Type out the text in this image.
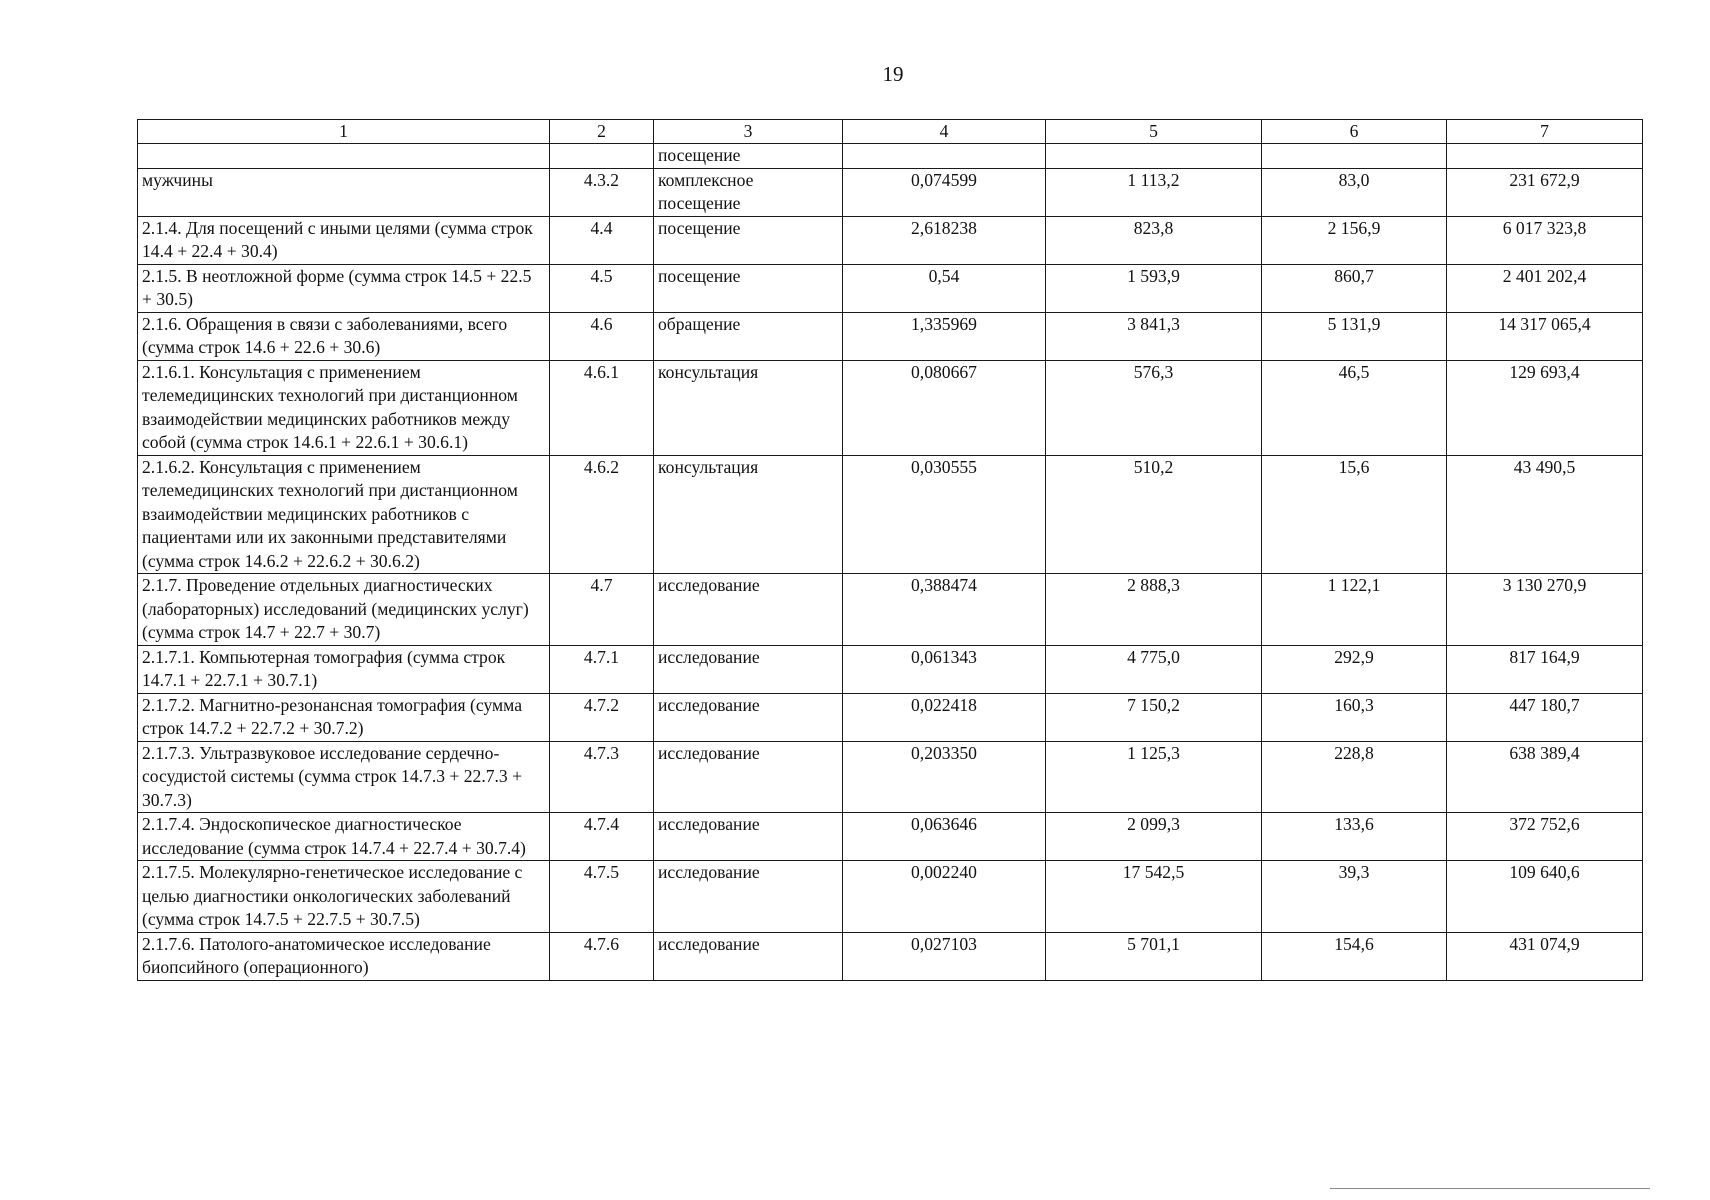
19
1	2	3	4	5	6	7
		посещение				
мужчины	4.3.2	комплексное посещение	0,074599	1 113,2	83,0	231 672,9
2.1.4. Для посещений с иными целями (сумма строк 14.4 + 22.4 + 30.4)	4.4	посещение	2,618238	823,8	2 156,9	6 017 323,8
2.1.5. В неотложной форме (сумма строк 14.5 + 22.5 + 30.5)	4.5	посещение	0,54	1 593,9	860,7	2 401 202,4
2.1.6. Обращения в связи с заболеваниями, всего (сумма строк 14.6 + 22.6 + 30.6)	4.6	обращение	1,335969	3 841,3	5 131,9	14 317 065,4
2.1.6.1. Консультация с применением телемедицинских технологий при дистанционном взаимодействии медицинских работников между собой (сумма строк 14.6.1 + 22.6.1 + 30.6.1)	4.6.1	консультация	0,080667	576,3	46,5	129 693,4
2.1.6.2. Консультация с применением телемедицинских технологий при дистанционном взаимодействии медицинских работников с пациентами или их законными представителями (сумма строк 14.6.2 + 22.6.2 + 30.6.2)	4.6.2	консультация	0,030555	510,2	15,6	43 490,5
2.1.7. Проведение отдельных диагностических (лабораторных) исследований (медицинских услуг) (сумма строк 14.7 + 22.7 + 30.7)	4.7	исследование	0,388474	2 888,3	1 122,1	3 130 270,9
2.1.7.1. Компьютерная томография (сумма строк 14.7.1 + 22.7.1 + 30.7.1)	4.7.1	исследование	0,061343	4 775,0	292,9	817 164,9
2.1.7.2. Магнитно-резонансная томография (сумма строк 14.7.2 + 22.7.2 + 30.7.2)	4.7.2	исследование	0,022418	7 150,2	160,3	447 180,7
2.1.7.3. Ультразвуковое исследование сердечно-сосудистой системы (сумма строк 14.7.3 + 22.7.3 + 30.7.3)	4.7.3	исследование	0,203350	1 125,3	228,8	638 389,4
2.1.7.4. Эндоскопическое диагностическое исследование (сумма строк 14.7.4 + 22.7.4 + 30.7.4)	4.7.4	исследование	0,063646	2 099,3	133,6	372 752,6
2.1.7.5. Молекулярно-генетическое исследование с целью диагностики онкологических заболеваний (сумма строк 14.7.5 + 22.7.5 + 30.7.5)	4.7.5	исследование	0,002240	17 542,5	39,3	109 640,6
2.1.7.6. Патолого-анатомическое исследование биопсийного (операционного)	4.7.6	исследование	0,027103	5 701,1	154,6	431 074,9
